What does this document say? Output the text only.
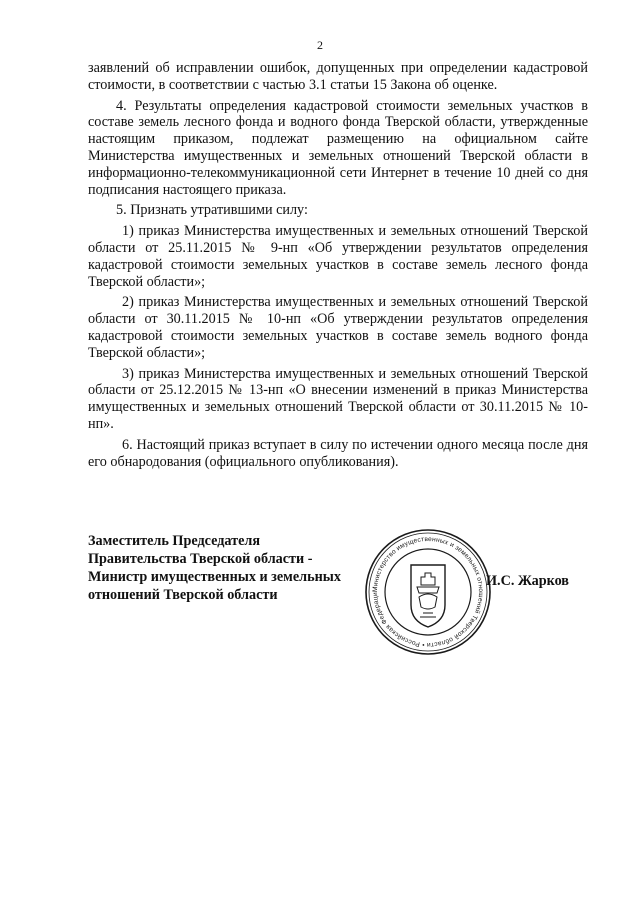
2

заявлений об исправлении ошибок, допущенных при определении кадастровой стоимости, в соответствии с частью 3.1 статьи 15 Закона об оценке.

4. Результаты определения кадастровой стоимости земельных участков в составе земель лесного фонда и водного фонда Тверской области, утвержденные настоящим приказом, подлежат размещению на официальном сайте Министерства имущественных и земельных отношений Тверской области в информационно-телекоммуникационной сети Интернет в течение 10 дней со дня подписания настоящего приказа.

5. Признать утратившими силу:

1) приказ Министерства имущественных и земельных отношений Тверской области от 25.11.2015 № 9-нп «Об утверждении результатов определения кадастровой стоимости земельных участков в составе земель лесного фонда Тверской области»;

2) приказ Министерства имущественных и земельных отношений Тверской области от 30.11.2015 № 10-нп «Об утверждении результатов определения кадастровой стоимости земельных участков в составе земель водного фонда Тверской области»;

3) приказ Министерства имущественных и земельных отношений Тверской области от 25.12.2015 № 13-нп «О внесении изменений в приказ Министерства имущественных и земельных отношений Тверской области от 30.11.2015 № 10-нп».

6. Настоящий приказ вступает в силу по истечении одного месяца после дня его обнародования (официального опубликования).

Заместитель Председателя
Правительства Тверской области -
Министр имущественных и земельных
отношений Тверской области	Министерство имущественных и земельных отношений Тверской области • Российская Федераци
И.С. Жарков
